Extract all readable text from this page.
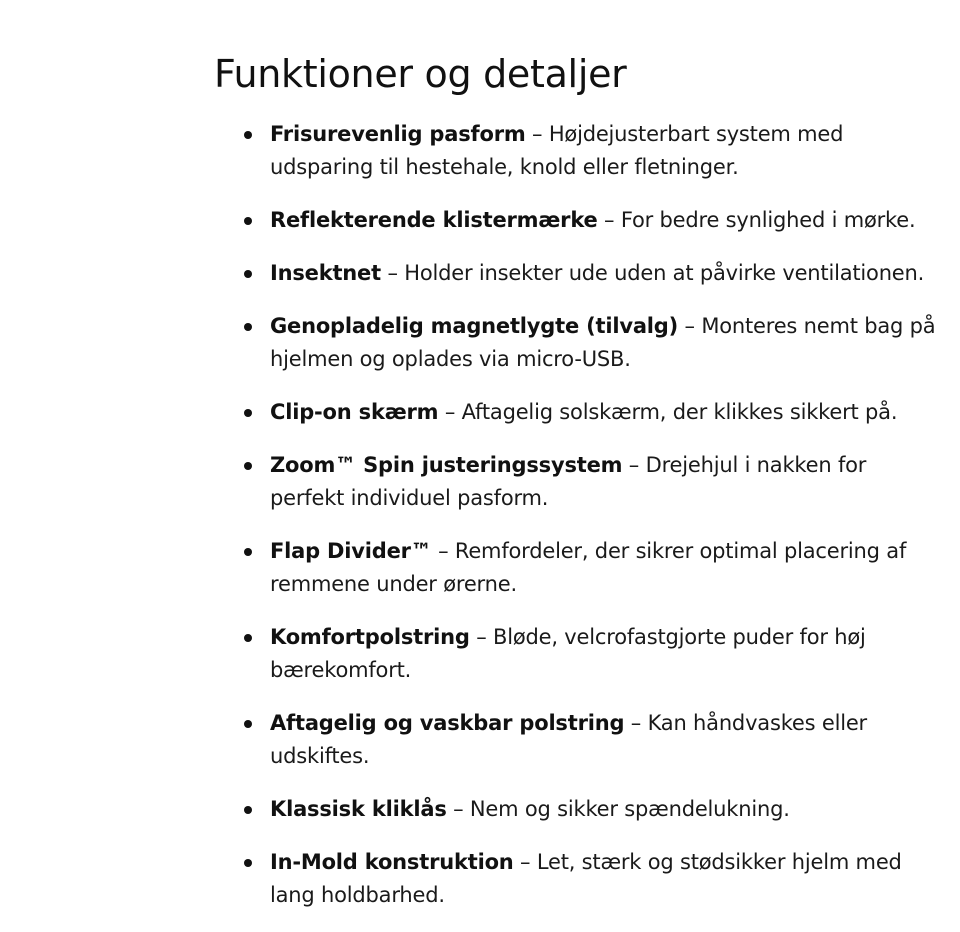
Funktioner og detaljer
Frisurevenlig pasform – Højdejusterbart system med udsparing til hestehale, knold eller fletninger.
Reflekterende klistermærke – For bedre synlighed i mørke.
Insektnet – Holder insekter ude uden at påvirke ventilationen.
Genopladelig magnetlygte (tilvalg) – Monteres nemt bag på hjelmen og oplades via micro-USB.
Clip-on skærm – Aftagelig solskærm, der klikkes sikkert på.
Zoom™ Spin justeringssystem – Drejehjul i nakken for perfekt individuel pasform.
Flap Divider™ – Remfordeler, der sikrer optimal placering af remmene under ørerne.
Komfortpolstring – Bløde, velcrofastgjorte puder for høj bærekomfort.
Aftagelig og vaskbar polstring – Kan håndvaskes eller udskiftes.
Klassisk kliklås – Nem og sikker spændelukning.
In-Mold konstruktion – Let, stærk og stødsikker hjelm med lang holdbarhed.
